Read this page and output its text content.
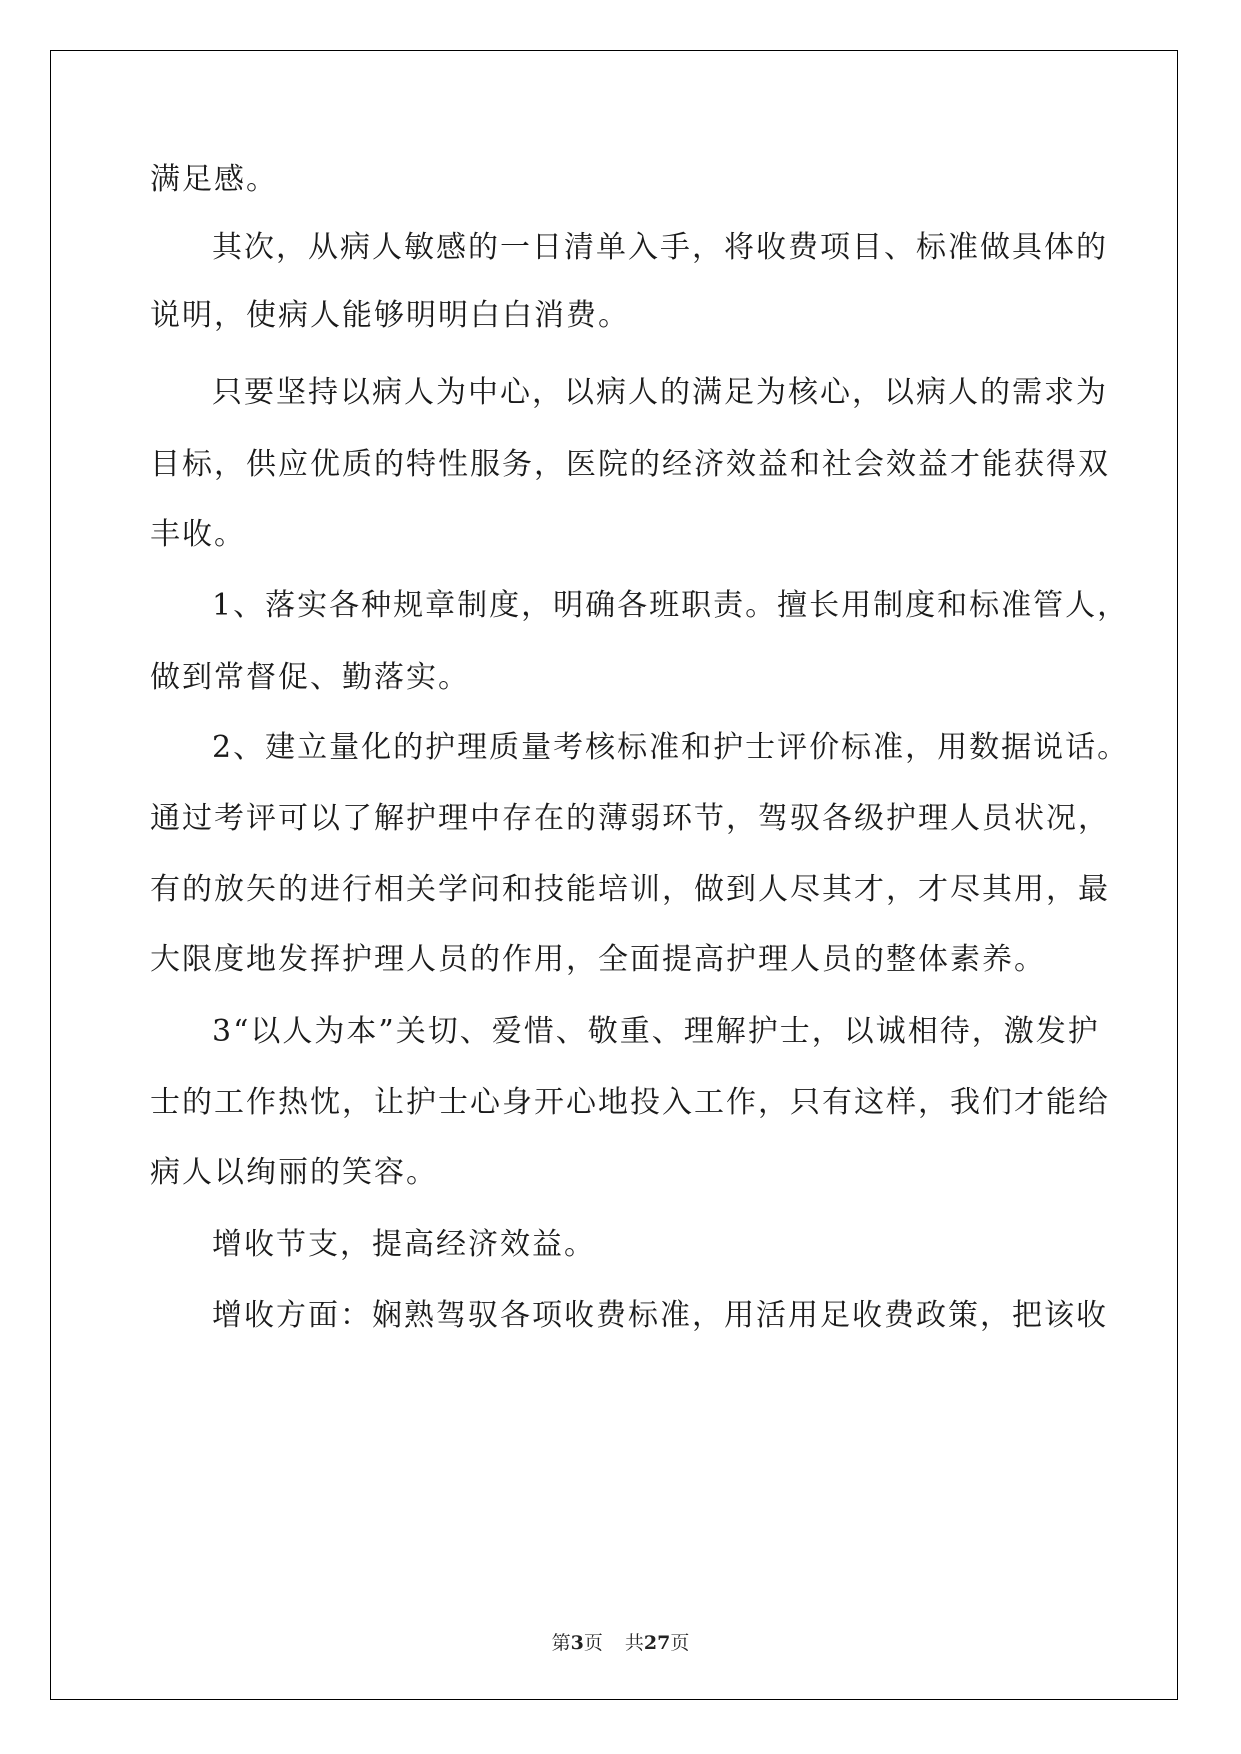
满足感。
其次，从病人敏感的一日清单入手，将收费项目、标准做具体的
说明，使病人能够明明白白消费。
只要坚持以病人为中心，以病人的满足为核心，以病人的需求为
目标，供应优质的特性服务，医院的经济效益和社会效益才能获得双
丰收。
1、落实各种规章制度，明确各班职责。擅长用制度和标准管人，
做到常督促、勤落实。
2、建立量化的护理质量考核标准和护士评价标准，用数据说话。
通过考评可以了解护理中存在的薄弱环节，驾驭各级护理人员状况，
有的放矢的进行相关学问和技能培训，做到人尽其才，才尽其用，最
大限度地发挥护理人员的作用，全面提高护理人员的整体素养。
3“以人为本”关切、爱惜、敬重、理解护士，以诚相待，激发护
士的工作热忱，让护士心身开心地投入工作，只有这样，我们才能给
病人以绚丽的笑容。
增收节支，提高经济效益。
增收方面：娴熟驾驭各项收费标准，用活用足收费政策，把该收
第3页 共27页
